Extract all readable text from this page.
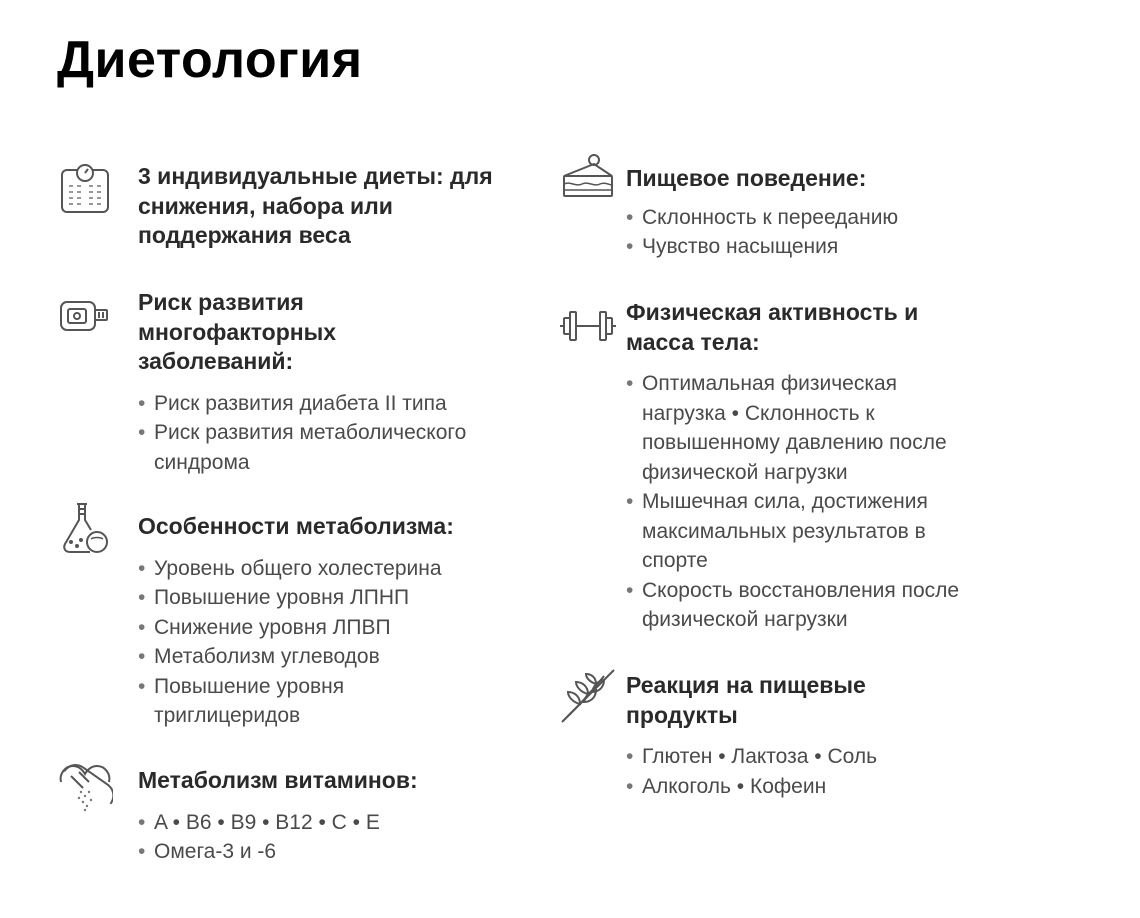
Диетология
3 индивидуальные диеты: для снижения, набора или поддержания веса
Риск развития многофакторных заболеваний:
• Риск развития диабета II типа
• Риск развития метаболического синдрома
Особенности метаболизма:
• Уровень общего холестерина
• Повышение уровня ЛПНП
• Снижение уровня ЛПВП
• Метаболизм углеводов
• Повышение уровня триглицеридов
Метаболизм витаминов:
• A • B6 • B9 • B12 • C • E
• Омега-3 и -6
Пищевое поведение:
• Склонность к перееданию
• Чувство насыщения
Физическая активность и масса тела:
• Оптимальная физическая нагрузка • Склонность к повышенному давлению после физической нагрузки
• Мышечная сила, достижения максимальных результатов в спорте
• Скорость восстановления после физической нагрузки
Реакция на пищевые продукты
• Глютен • Лактоза • Соль
• Алкоголь • Кофеин
